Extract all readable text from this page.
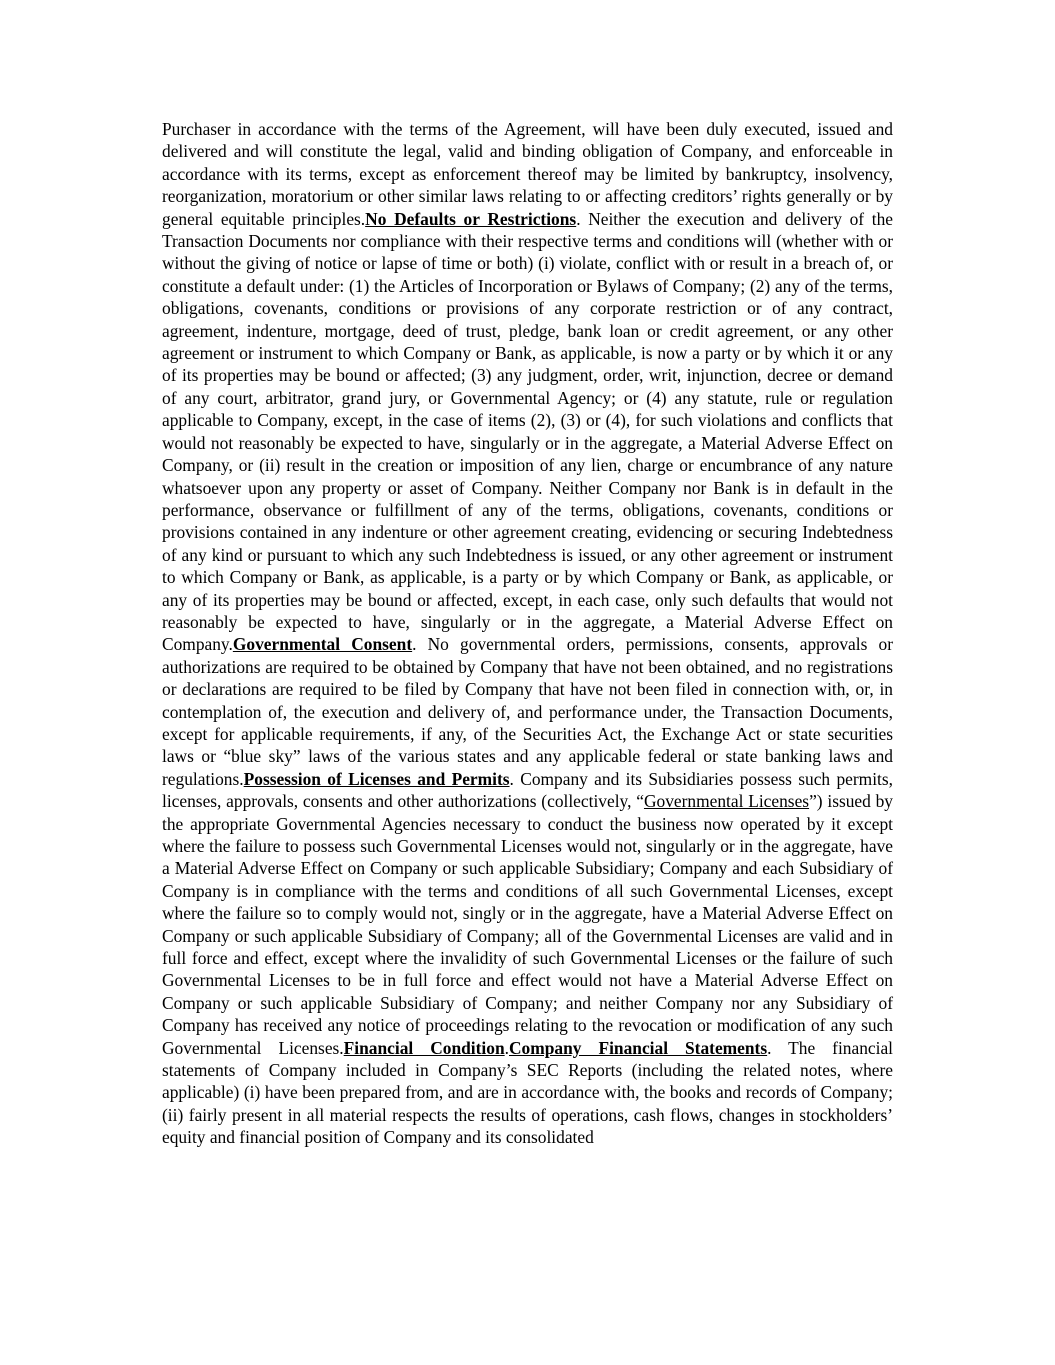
Purchaser in accordance with the terms of the Agreement, will have been duly executed, issued and delivered and will constitute the legal, valid and binding obligation of Company, and enforceable in accordance with its terms, except as enforcement thereof may be limited by bankruptcy, insolvency, reorganization, moratorium or other similar laws relating to or affecting creditors’ rights generally or by general equitable principles.No Defaults or Restrictions. Neither the execution and delivery of the Transaction Documents nor compliance with their respective terms and conditions will (whether with or without the giving of notice or lapse of time or both) (i) violate, conflict with or result in a breach of, or constitute a default under: (1) the Articles of Incorporation or Bylaws of Company; (2) any of the terms, obligations, covenants, conditions or provisions of any corporate restriction or of any contract, agreement, indenture, mortgage, deed of trust, pledge, bank loan or credit agreement, or any other agreement or instrument to which Company or Bank, as applicable, is now a party or by which it or any of its properties may be bound or affected; (3) any judgment, order, writ, injunction, decree or demand of any court, arbitrator, grand jury, or Governmental Agency; or (4) any statute, rule or regulation applicable to Company, except, in the case of items (2), (3) or (4), for such violations and conflicts that would not reasonably be expected to have, singularly or in the aggregate, a Material Adverse Effect on Company, or (ii) result in the creation or imposition of any lien, charge or encumbrance of any nature whatsoever upon any property or asset of Company. Neither Company nor Bank is in default in the performance, observance or fulfillment of any of the terms, obligations, covenants, conditions or provisions contained in any indenture or other agreement creating, evidencing or securing Indebtedness of any kind or pursuant to which any such Indebtedness is issued, or any other agreement or instrument to which Company or Bank, as applicable, is a party or by which Company or Bank, as applicable, or any of its properties may be bound or affected, except, in each case, only such defaults that would not reasonably be expected to have, singularly or in the aggregate, a Material Adverse Effect on Company.Governmental Consent. No governmental orders, permissions, consents, approvals or authorizations are required to be obtained by Company that have not been obtained, and no registrations or declarations are required to be filed by Company that have not been filed in connection with, or, in contemplation of, the execution and delivery of, and performance under, the Transaction Documents, except for applicable requirements, if any, of the Securities Act, the Exchange Act or state securities laws or “blue sky” laws of the various states and any applicable federal or state banking laws and regulations.Possession of Licenses and Permits. Company and its Subsidiaries possess such permits, licenses, approvals, consents and other authorizations (collectively, “Governmental Licenses”) issued by the appropriate Governmental Agencies necessary to conduct the business now operated by it except where the failure to possess such Governmental Licenses would not, singularly or in the aggregate, have a Material Adverse Effect on Company or such applicable Subsidiary; Company and each Subsidiary of Company is in compliance with the terms and conditions of all such Governmental Licenses, except where the failure so to comply would not, singly or in the aggregate, have a Material Adverse Effect on Company or such applicable Subsidiary of Company; all of the Governmental Licenses are valid and in full force and effect, except where the invalidity of such Governmental Licenses or the failure of such Governmental Licenses to be in full force and effect would not have a Material Adverse Effect on Company or such applicable Subsidiary of Company; and neither Company nor any Subsidiary of Company has received any notice of proceedings relating to the revocation or modification of any such Governmental Licenses.Financial Condition.Company Financial Statements. The financial statements of Company included in Company’s SEC Reports (including the related notes, where applicable) (i) have been prepared from, and are in accordance with, the books and records of Company; (ii) fairly present in all material respects the results of operations, cash flows, changes in stockholders’ equity and financial position of Company and its consolidated
